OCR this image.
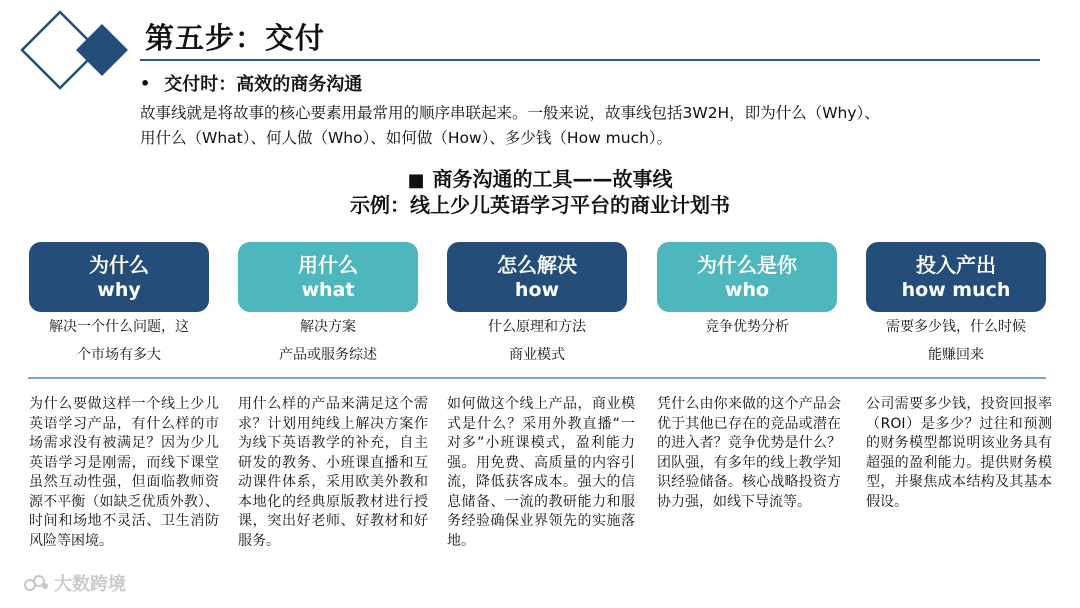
第五步：交付
• 交付时：高效的商务沟通
故事线就是将故事的核心要素用最常用的顺序串联起来。一般来说，故事线包括3W2H，即为什么（Why）、
用什么（What）、何人做（Who）、如何做（How）、多少钱（How much）。
■ 商务沟通的工具——故事线
示例：线上少儿英语学习平台的商业计划书
为什么
why
用什么
what
怎么解决
how
为什么是你
who
投入产出
how much
解决一个什么问题，这
个市场有多大
解决方案
产品或服务综述
什么原理和方法
商业模式
竞争优势分析	需要多少钱，什么时候
能赚回来
为什么要做这样一个线上少儿英语学习产品，有什么样的市场需求没有被满足？因为少儿英语学习是刚需，而线下课堂虽然互动性强，但面临教师资源不平衡（如缺乏优质外教）、时间和场地不灵活、卫生消防风险等困境。
用什么样的产品来满足这个需求？计划用纯线上解决方案作为线下英语教学的补充，自主研发的教务、小班课直播和互动课件体系，采用欧美外教和本地化的经典原版教材进行授课，突出好老师、好教材和好服务。
如何做这个线上产品，商业模式是什么？采用外教直播“一对多”小班课模式，盈利能力强。用免费、高质量的内容引流，降低获客成本。强大的信息储备、一流的教研能力和服务经验确保业界领先的实施落地。
凭什么由你来做的这个产品会优于其他已存在的竞品或潜在的进入者？竞争优势是什么？团队强，有多年的线上教学知识经验储备。核心战略投资方协力强，如线下导流等。
公司需要多少钱，投资回报率（ROI）是多少？过往和预测的财务模型都说明该业务具有超强的盈利能力。提供财务模型，并聚焦成本结构及其基本假设。
大数跨境
